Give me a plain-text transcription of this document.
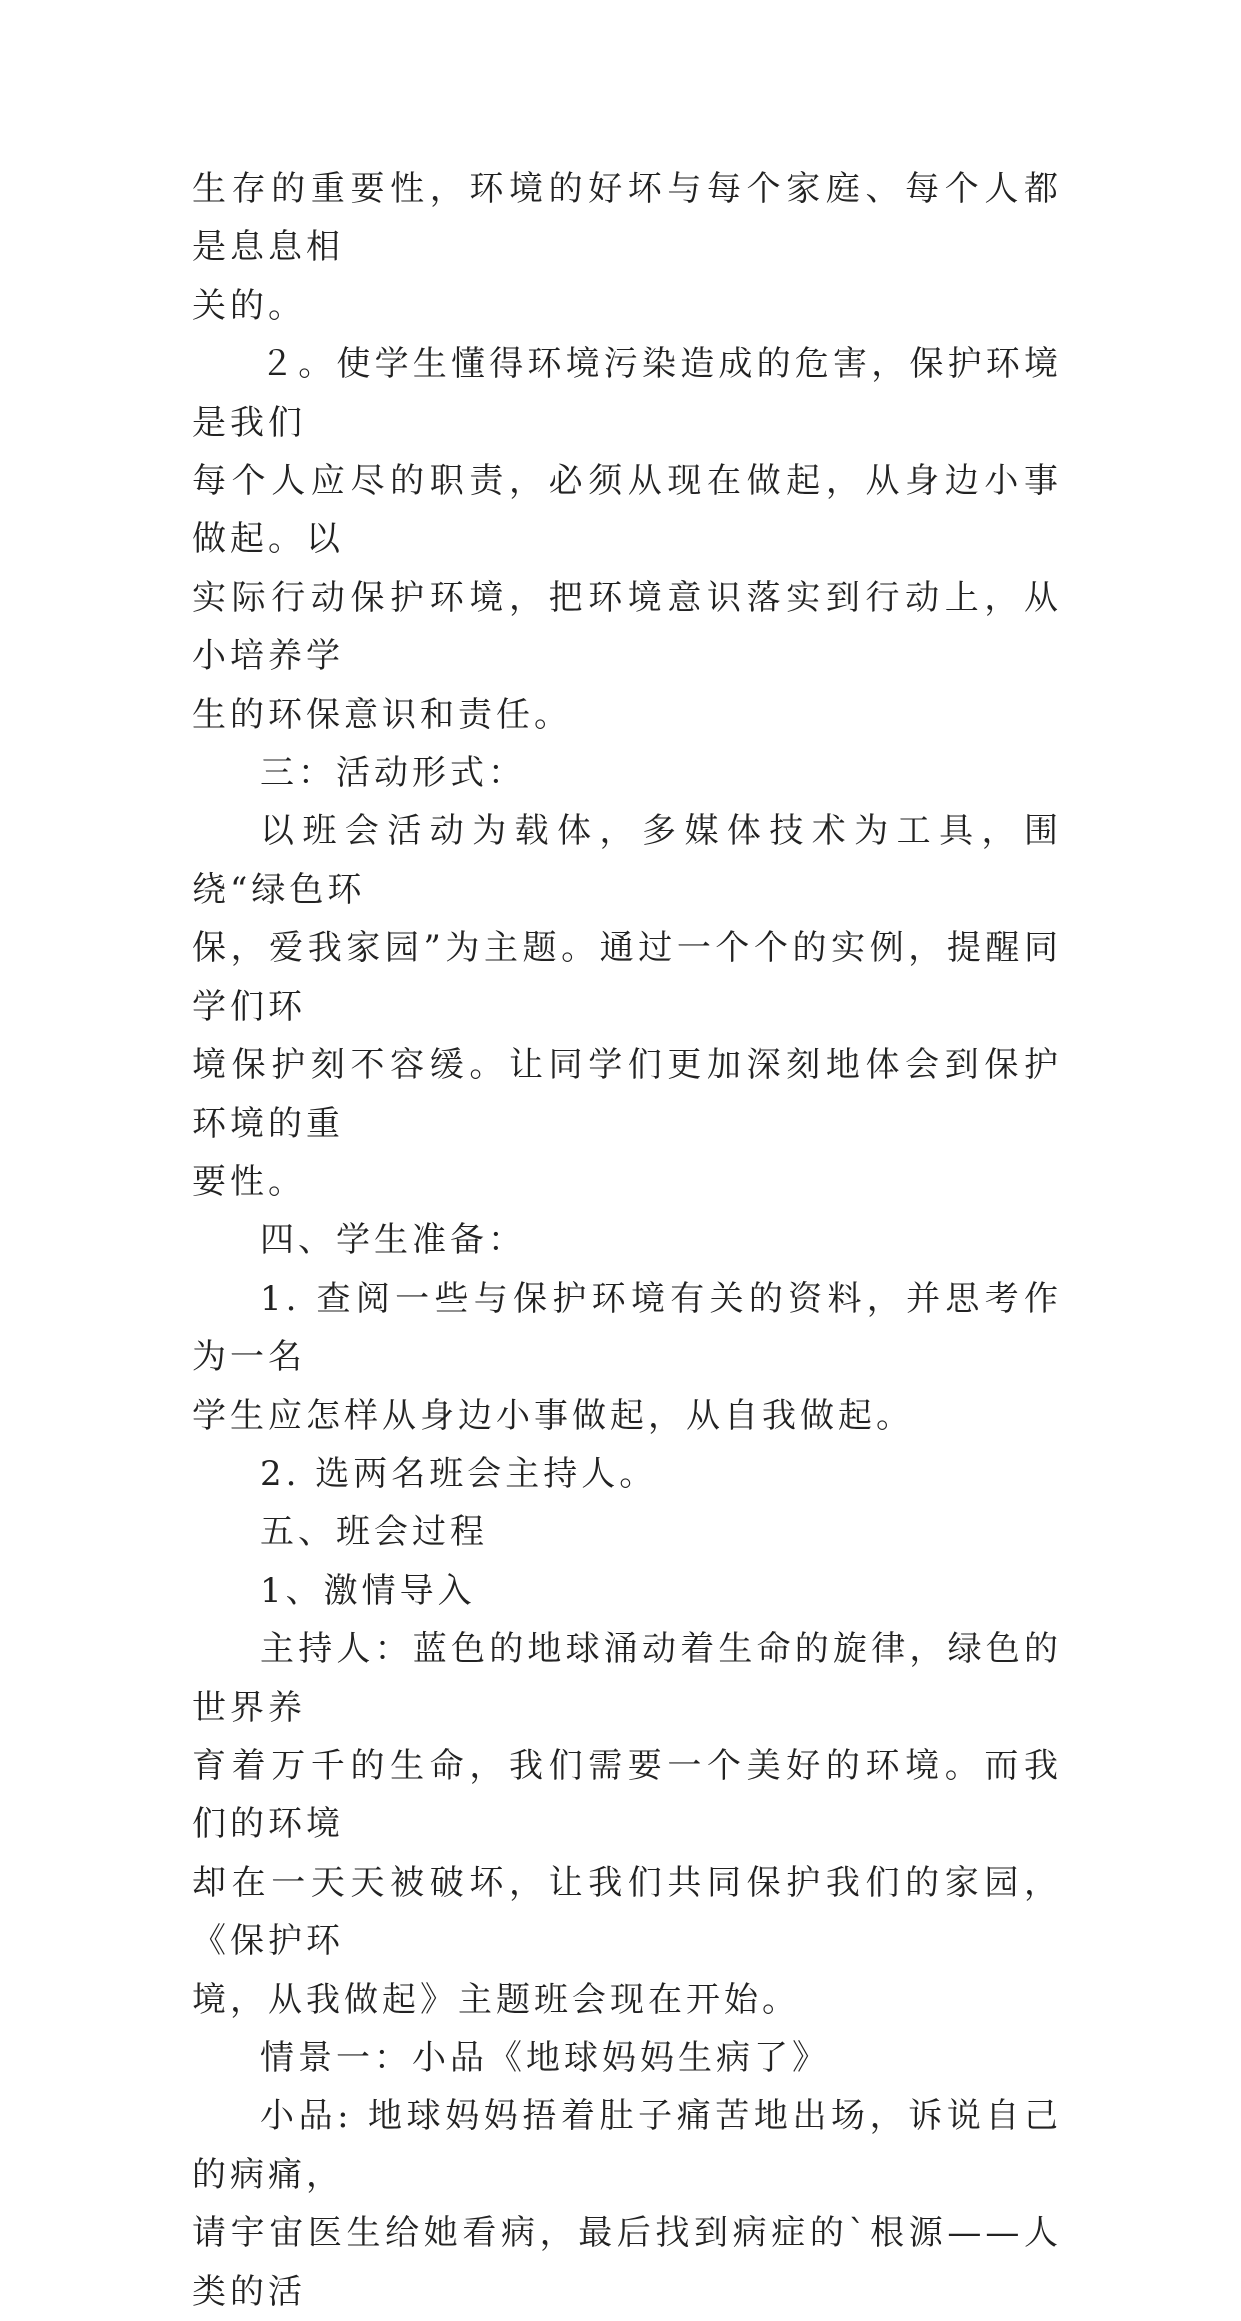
生存的重要性，环境的好坏与每个家庭、每个人都是息息相
关的。

２。使学生懂得环境污染造成的危害，保护环境是我们
每个人应尽的职责，必须从现在做起，从身边小事做起。以
实际行动保护环境，把环境意识落实到行动上，从小培养学
生的环保意识和责任。

三：活动形式：

以班会活动为载体，多媒体技术为工具，围绕“绿色环
保，爱我家园”为主题。通过一个个的实例，提醒同学们环
境保护刻不容缓。让同学们更加深刻地体会到保护环境的重
要性。

四、学生准备：

1. 查阅一些与保护环境有关的资料，并思考作为一名
学生应怎样从身边小事做起，从自我做起。

2. 选两名班会主持人。

五、班会过程

1、激情导入

主持人：蓝色的地球涌动着生命的旋律，绿色的世界养
育着万千的生命，我们需要一个美好的环境。而我们的环境
却在一天天被破坏，让我们共同保护我们的家园，《保护环
境，从我做起》主题班会现在开始。

情景一：小品《地球妈妈生病了》

小品: 地球妈妈捂着肚子痛苦地出场，诉说自己的病痛，
请宇宙医生给她看病，最后找到病症的`根源——人类的活
